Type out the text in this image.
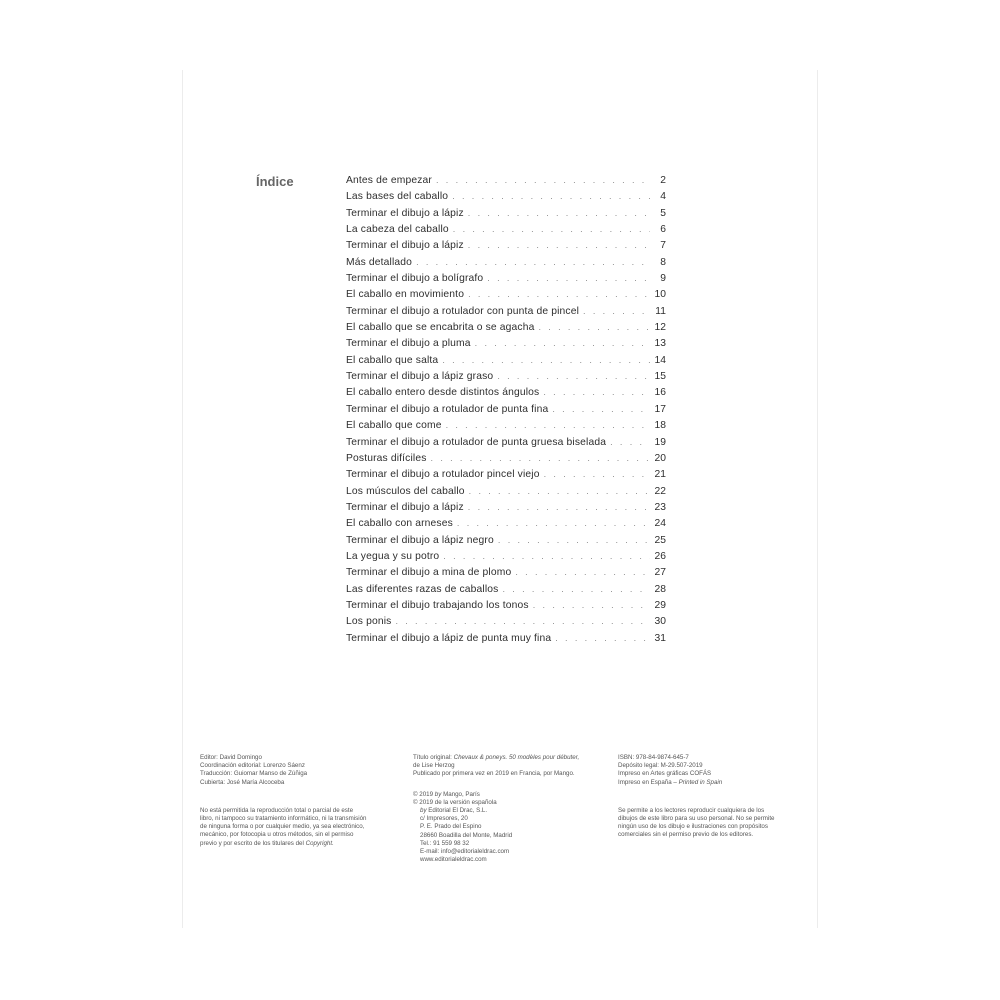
Índice	Antes de empezar . . .	2
Las bases del caballo . . .	4
Terminar el dibujo a lápiz . . .	5
La cabeza del caballo . . .	6
Terminar el dibujo a lápiz . . .	7
Más detallado . . .	8
Terminar el dibujo a bolígrafo . . .	9
El caballo en movimiento . . .	10
Terminar el dibujo a rotulador con punta de pincel . . .	11
El caballo que se encabrita o se agacha . . .	12
Terminar el dibujo a pluma . . .	13
El caballo que salta . . .	14
Terminar el dibujo a lápiz graso . . .	15
El caballo entero desde distintos ángulos . . .	16
Terminar el dibujo a rotulador de punta fina . . .	17
El caballo que come . . .	18
Terminar el dibujo a rotulador de punta gruesa biselada . . .	19
Posturas difíciles . . .	20
Terminar el dibujo a rotulador pincel viejo . . .	21
Los músculos del caballo . . .	22
Terminar el dibujo a lápiz . . .	23
El caballo con arneses . . .	24
Terminar el dibujo a lápiz negro . . .	25
La yegua y su potro . . .	26
Terminar el dibujo a mina de plomo . . .	27
Las diferentes razas de caballos . . .	28
Terminar el dibujo trabajando los tonos . . .	29
Los ponis . . .	30
Terminar el dibujo a lápiz de punta muy fina . . .	31

Editor: David Domingo

Coordinación editorial: Lorenzo Sáenz

Traducción: Guiomar Manso de Zúñiga

Cubierta: José María Alcoceba

No está permitida la reproducción total o parcial de este

libro, ni tampoco su tratamiento informático, ni la transmisión

de ninguna forma o por cualquier medio, ya sea electrónico,

mecánico, por fotocopia u otros métodos, sin el permiso

previo y por escrito de los titulares del Copyright.

Título original: Chevaux & poneys. 50 modèles pour débuter,

de Lise Herzog

Publicado por primera vez en 2019 en Francia, por Mango.

© 2019 by Mango, París

© 2019 de la versión española

by Editorial El Drac, S.L.

c/ Impresores, 20

P. E. Prado del Espino

28660 Boadilla del Monte, Madrid

Tel.: 91 559 98 32

E-mail: info@editorialeldrac.com

www.editorialeldrac.com

ISBN: 978-84-9874-645-7

Depósito legal: M-29.507-2019

Impreso en Artes gráficas COFÁS

Impreso en España – Printed in Spain

Se permite a los lectores reproducir cualquiera de los

dibujos de este libro para su uso personal. No se permite

ningún uso de los dibujo e ilustraciones con propósitos

comerciales sin el permiso previo de los editores.
